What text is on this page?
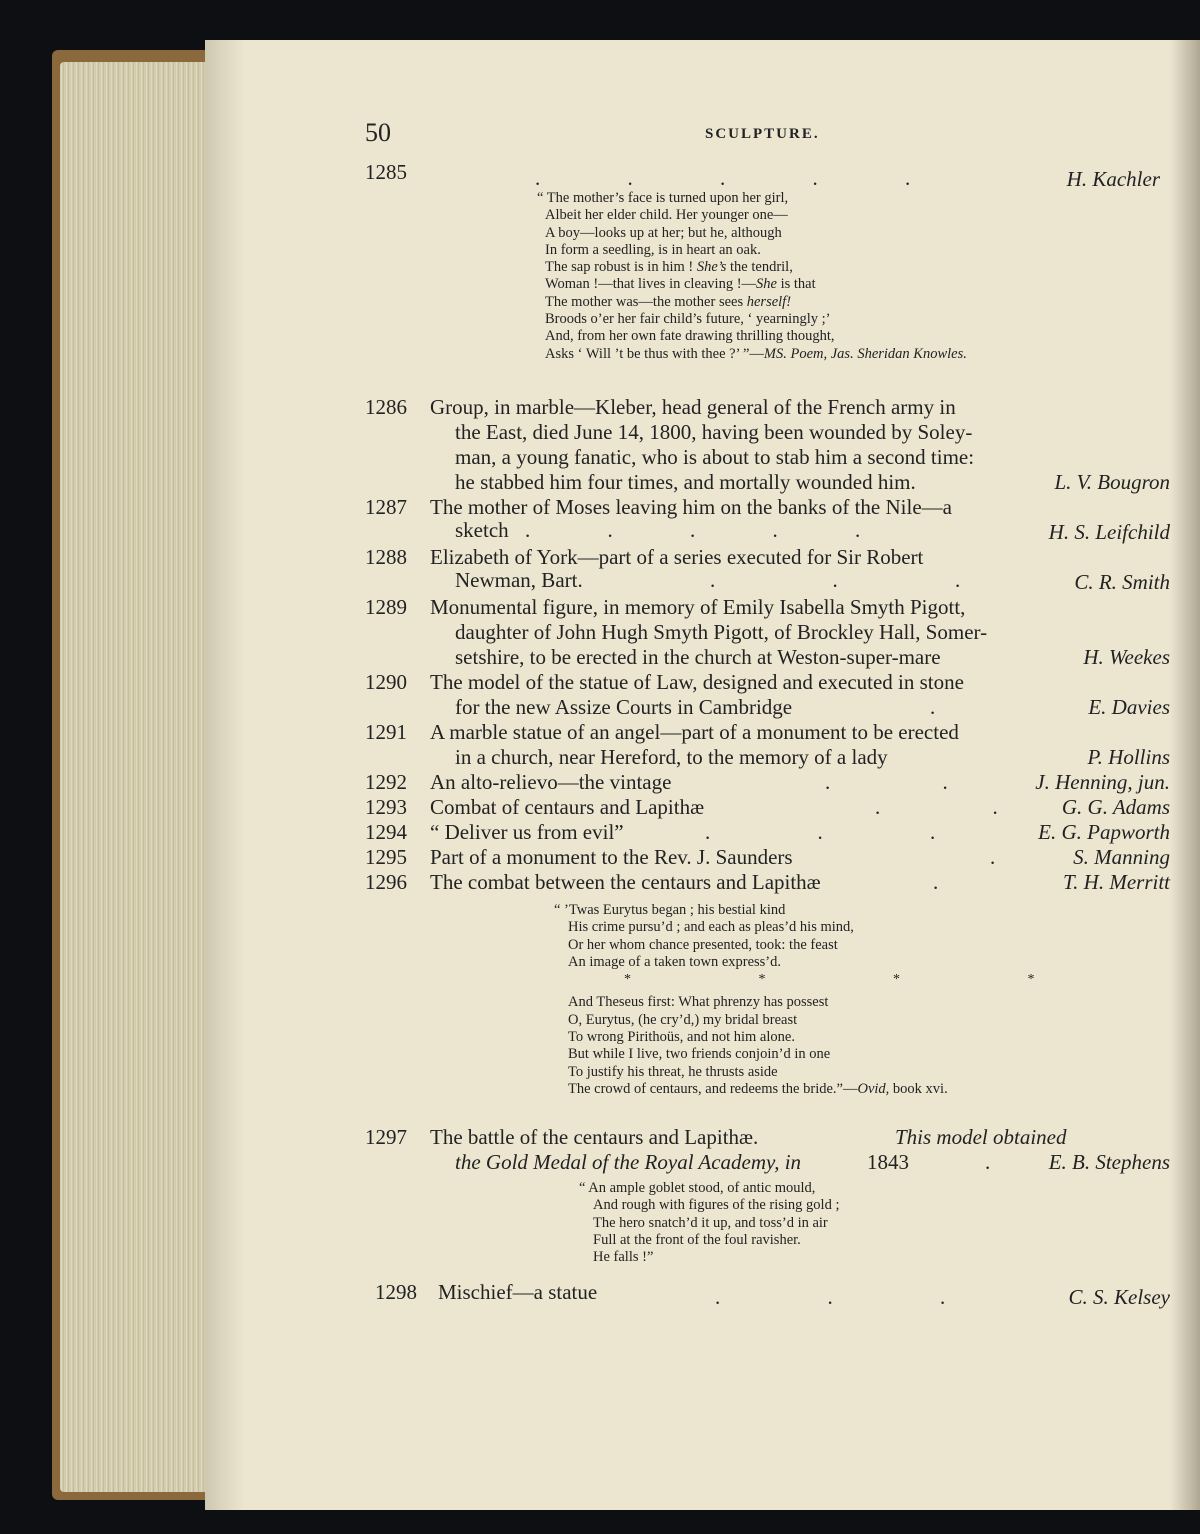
50	SCULPTURE.
1285	. . . . .	H. Kachler
“ The mother’s face is turned upon her girl,
Albeit her elder child. Her younger one—
A boy—looks up at her; but he, although
In form a seedling, is in heart an oak.
The sap robust is in him ! She’s the tendril,
Woman !—that lives in cleaving !—She is that
The mother was—the mother sees herself!
Broods o’er her fair child’s future, ‘ yearningly ;’
And, from her own fate drawing thrilling thought,
Asks ‘ Will ’t be thus with thee ?’ ”—MS. Poem, Jas. Sheridan Knowles.
1286 Group, in marble—Kleber, head general of the French army in
the East, died June 14, 1800, having been wounded by Soley-
man, a young fanatic, who is about to stab him a second time:
he stabbed him four times, and mortally wounded him.	L. V. Bougron
1287 The mother of Moses leaving him on the banks of the Nile—a
sketch . . . . .	H. S. Leifchild
1288 Elizabeth of York—part of a series executed for Sir Robert
Newman, Bart.	. . .	C. R. Smith
1289 Monumental figure, in memory of Emily Isabella Smyth Pigott,
daughter of John Hugh Smyth Pigott, of Brockley Hall, Somer-
setshire, to be erected in the church at Weston-super-mare	H. Weekes
1290 The model of the statue of Law, designed and executed in stone
for the new Assize Courts in Cambridge	.	E. Davies
1291 A marble statue of an angel—part of a monument to be erected
in a church, near Hereford, to the memory of a lady	P. Hollins
1292 An alto-relievo—the vintage	. .	J. Henning, jun.
1293 Combat of centaurs and Lapithæ	. .	G. G. Adams
1294 “ Deliver us from evil”	. . .	E. G. Papworth
1295 Part of a monument to the Rev. J. Saunders	.	S. Manning
1296 The combat between the centaurs and Lapithæ	.	T. H. Merritt
“ ’Twas Eurytus began ; his bestial kind
His crime pursu’d ; and each as pleas’d his mind,
Or her whom chance presented, took: the feast
An image of a taken town express’d.
* * * *
And Theseus first: What phrenzy has possest
O, Eurytus, (he cry’d,) my bridal breast
To wrong Pirithoüs, and not him alone.
But while I live, two friends conjoin’d in one
To justify his threat, he thrusts aside
The crowd of centaurs, and redeems the bride.”—Ovid, book xvi.
1297 The battle of the centaurs and Lapithæ.	This model obtained
the Gold Medal of the Royal Academy, in	1843	.	E. B. Stephens
“ An ample goblet stood, of antic mould,
And rough with figures of the rising gold ;
The hero snatch’d it up, and toss’d in air
Full at the front of the foul ravisher.
He falls !”
1298 Mischief—a statue	. . .	C. S. Kelsey
